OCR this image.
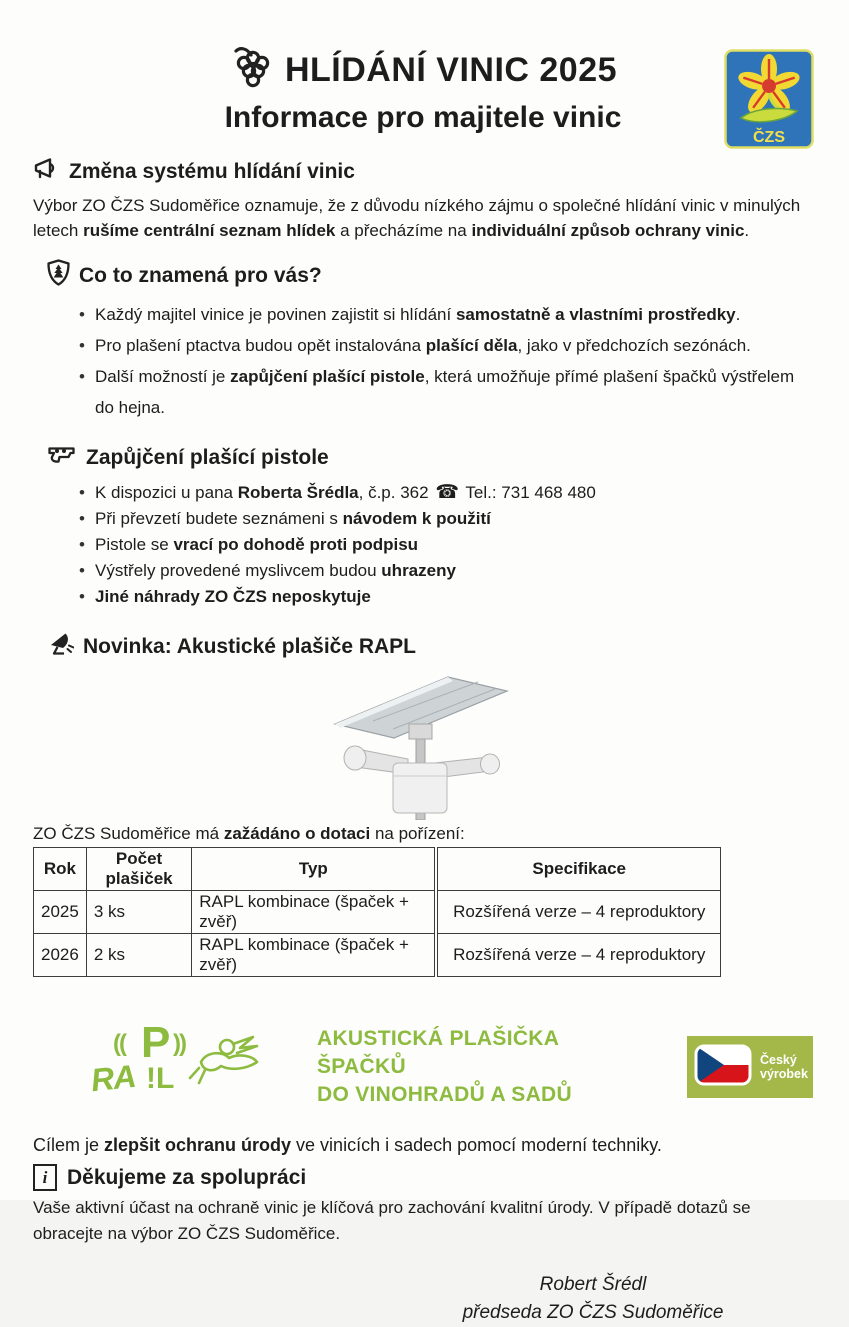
HLÍDÁNÍ VINIC 2025
Informace pro majitele vinic
ČZS
Změna systému hlídání vinic

Výbor ZO ČZS Sudoměřice oznamuje, že z důvodu nízkého zájmu o společné hlídání vinic v minulých letech rušíme centrální seznam hlídek a přecházíme na individuální způsob ochrany vinic.

Co to znamená pro vás?
• Každý majitel vinice je povinen zajistit si hlídání samostatně a vlastními prostředky.
• Pro plašení ptactva budou opět instalována plašící děla, jako v předchozích sezónách.
• Další možností je zapůjčení plašící pistole, která umožňuje přímé plašení špačků výstřelem do hejna.
Zapůjčení plašící pistole
• K dispozici u pana Roberta Šrédla, č.p. 362 ☎ Tel.: 731 468 480
• Při převzetí budete seznámeni s návodem k použití
• Pistole se vrací po dohodě proti podpisu
• Výstřely provedené myslivcem budou uhrazeny
• Jiné náhrady ZO ČZS neposkytuje
Novinka: Akustické plašiče RAPL

ZO ČZS Sudoměřice má zažádáno o dotaci na pořízení:

Rok	Počet plašiček	Typ	Specifikace
2025	3 ks	RAPL kombinace (špaček + zvěř)	Rozšířená verze – 4 reproduktory
2026	2 ks	RAPL kombinace (špaček + zvěř)	Rozšířená verze – 4 reproduktory
(( P ))
RA !L
AKUSTICKÁ PLAŠIČKA ŠPAČKŮ
DO VINOHRADŮ A SADŮ
Český
výrobek

Cílem je zlepšit ochranu úrody ve vinicích i sadech pomocí moderní techniky.

i Děkujeme za spolupráci

Vaše aktivní účast na ochraně vinic je klíčová pro zachování kvalitní úrody. V případě dotazů se obracejte na výbor ZO ČZS Sudoměřice.

Robert Šrédl
předseda ZO ČZS Sudoměřice
